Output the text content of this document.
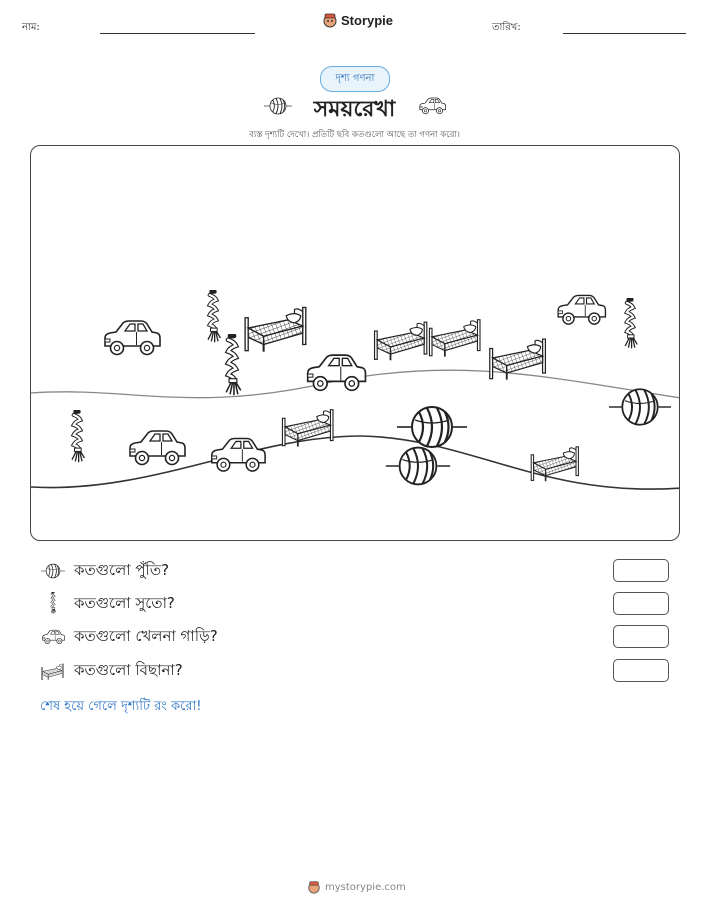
নাম:	Storypie	তারিখ:
দৃশ্য গণনা
সময়রেখা
ব্যস্ত দৃশ্যটি দেখো। প্রতিটি ছবি কতগুলো আছে তা গণনা করো।
কতগুলো পুঁতি?
কতগুলো সুতো?
কতগুলো খেলনা গাড়ি?
কতগুলো বিছানা?
শেষ হয়ে গেলে দৃশ্যটি রং করো!
mystorypie.com
